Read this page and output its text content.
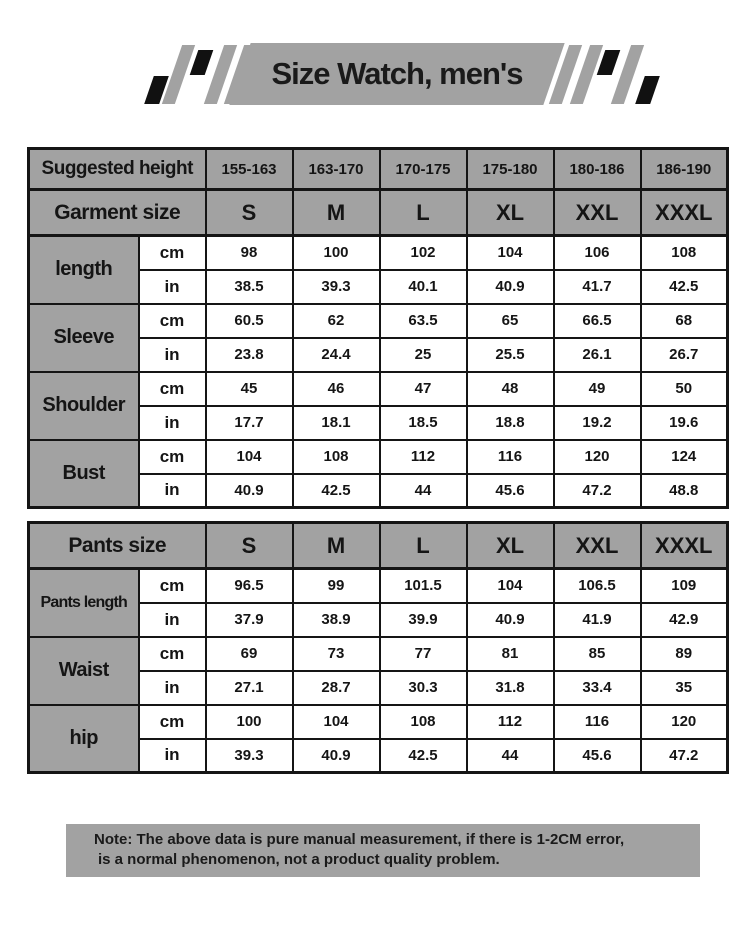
Size Watch, men's
Suggested height		155-163	163-170	170-175	175-180	180-186	186-190
Garment size		S	M	L	XL	XXL	XXXL
length	cm	98	100	102	104	106	108
	in	38.5	39.3	40.1	40.9	41.7	42.5
Sleeve	cm	60.5	62	63.5	65	66.5	68
	in	23.8	24.4	25	25.5	26.1	26.7
Shoulder	cm	45	46	47	48	49	50
	in	17.7	18.1	18.5	18.8	19.2	19.6
Bust	cm	104	108	112	116	120	124
	in	40.9	42.5	44	45.6	47.2	48.8
Pants size		S	M	L	XL	XXL	XXXL
Pants length	cm	96.5	99	101.5	104	106.5	109
	in	37.9	38.9	39.9	40.9	41.9	42.9
Waist	cm	69	73	77	81	85	89
	in	27.1	28.7	30.3	31.8	33.4	35
hip	cm	100	104	108	112	116	120
	in	39.3	40.9	42.5	44	45.6	47.2
Note: The above data is pure manual measurement, if there is 1-2CM error,
is a normal phenomenon, not a product quality problem.
